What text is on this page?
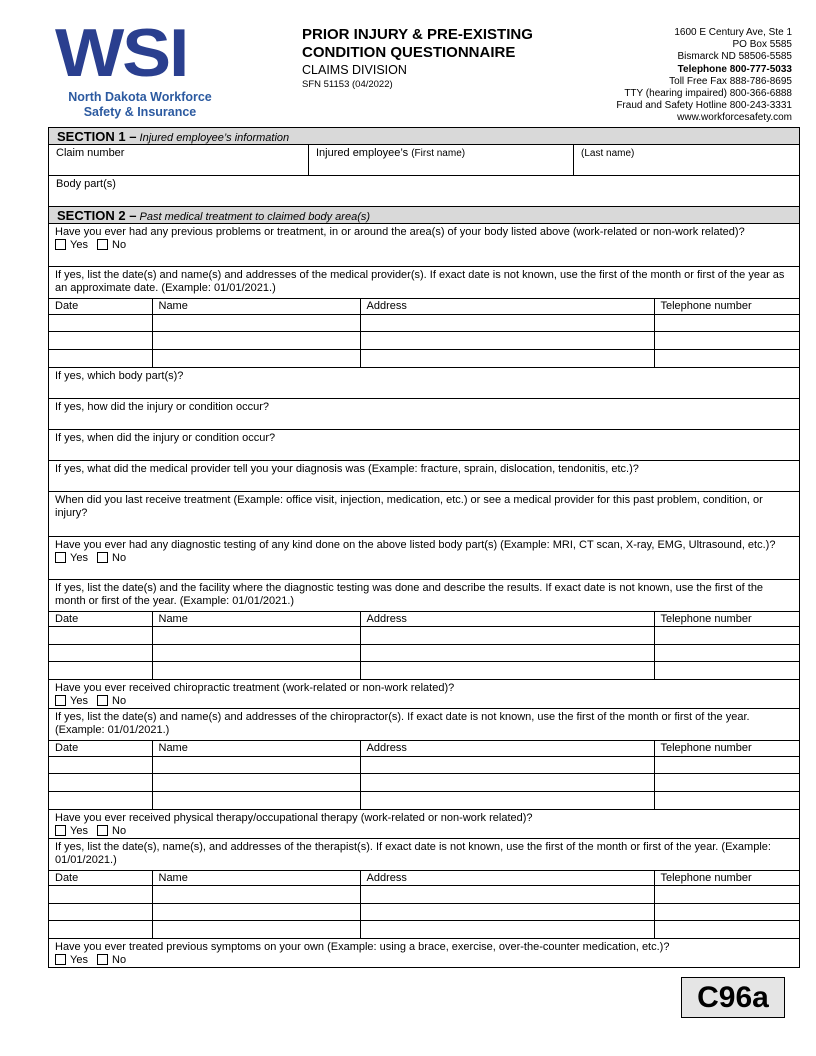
WSI
North Dakota Workforce
Safety & Insurance
PRIOR INJURY & PRE-EXISTING
CONDITION QUESTIONNAIRE
CLAIMS DIVISION
SFN 51153 (04/2022)
1600 E Century Ave, Ste 1
PO Box 5585
Bismarck ND 58506-5585
Telephone 800-777-5033
Toll Free Fax 888-786-8695
TTY (hearing impaired) 800-366-6888
Fraud and Safety Hotline 800-243-3331
www.workforcesafety.com
SECTION 1 – Injured employee’s information
Claim number	Injured employee’s (First name)	(Last name)
Body part(s)
SECTION 2 – Past medical treatment to claimed body area(s)
Have you ever had any previous problems or treatment, in or around the area(s) of your body listed above (work-related or non-work related)?
Yes No
If yes, list the date(s) and name(s) and addresses of the medical provider(s). If exact date is not known, use the first of the month or first of the year as an approximate date. (Example: 01/01/2021.)
Date	Name	Address	Telephone number

If yes, which body part(s)?
If yes, how did the injury or condition occur?
If yes, when did the injury or condition occur?
If yes, what did the medical provider tell you your diagnosis was (Example: fracture, sprain, dislocation, tendonitis, etc.)?
When did you last receive treatment (Example: office visit, injection, medication, etc.) or see a medical provider for this past problem, condition, or injury?
Have you ever had any diagnostic testing of any kind done on the above listed body part(s) (Example: MRI, CT scan, X-ray, EMG, Ultrasound, etc.)?
Yes No
If yes, list the date(s) and the facility where the diagnostic testing was done and describe the results. If exact date is not known, use the first of the month or first of the year. (Example: 01/01/2021.)
Date	Name	Address	Telephone number

Have you ever received chiropractic treatment (work-related or non-work related)?
Yes No
If yes, list the date(s) and name(s) and addresses of the chiropractor(s). If exact date is not known, use the first of the month or first of the year. (Example: 01/01/2021.)
Date	Name	Address	Telephone number

Have you ever received physical therapy/occupational therapy (work-related or non-work related)?
Yes No
If yes, list the date(s), name(s), and addresses of the therapist(s). If exact date is not known, use the first of the month or first of the year. (Example: 01/01/2021.)
Date	Name	Address	Telephone number

Have you ever treated previous symptoms on your own (Example: using a brace, exercise, over-the-counter medication, etc.)?
Yes No
C96a
